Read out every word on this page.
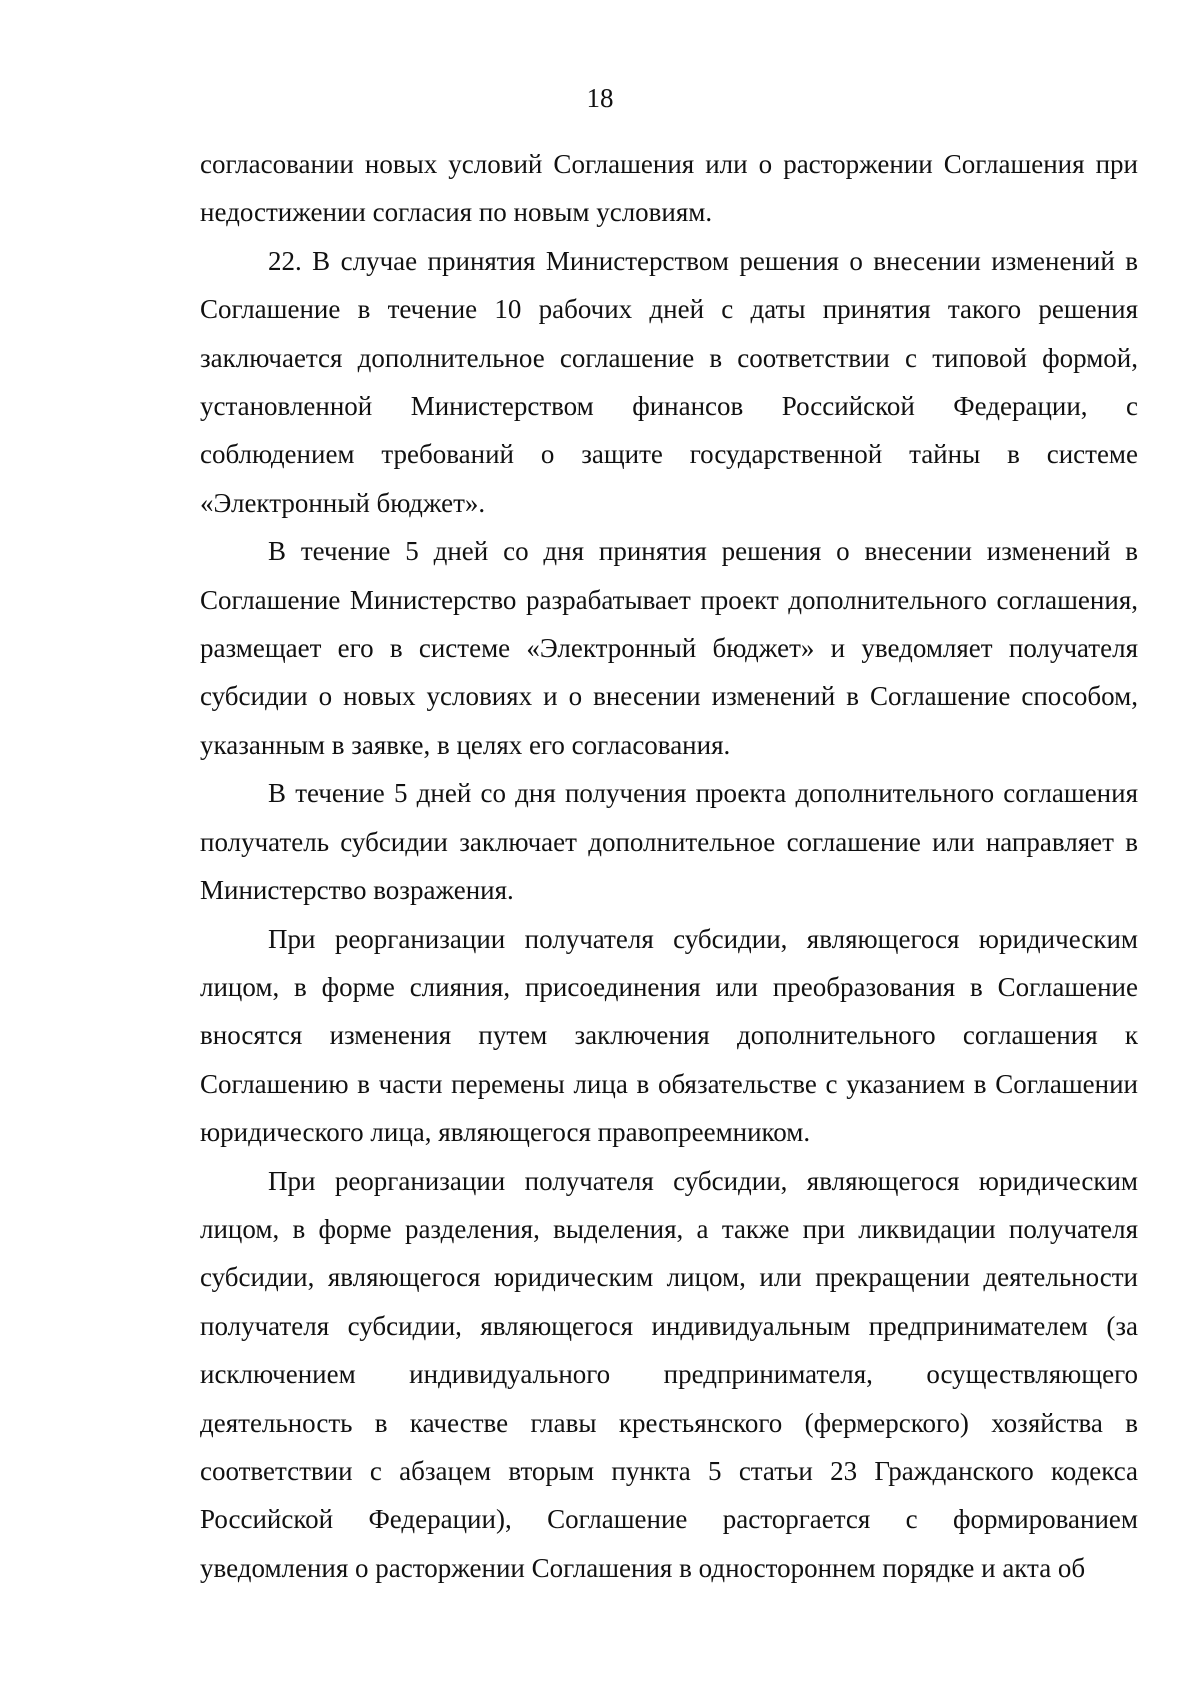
18

согласовании новых условий Соглашения или о расторжении Соглашения при недостижении согласия по новым условиям.

22. В случае принятия Министерством решения о внесении изменений в Соглашение в течение 10 рабочих дней с даты принятия такого решения заключается дополнительное соглашение в соответствии с типовой формой, установленной Министерством финансов Российской Федерации, с соблюдением требований о защите государственной тайны в системе «Электронный бюджет».

В течение 5 дней со дня принятия решения о внесении изменений в Соглашение Министерство разрабатывает проект дополнительного соглашения, размещает его в системе «Электронный бюджет» и уведомляет получателя субсидии о новых условиях и о внесении изменений в Соглашение способом, указанным в заявке, в целях его согласования.

В течение 5 дней со дня получения проекта дополнительного соглашения получатель субсидии заключает дополнительное соглашение или направляет в Министерство возражения.

При реорганизации получателя субсидии, являющегося юридическим лицом, в форме слияния, присоединения или преобразования в Соглашение вносятся изменения путем заключения дополнительного соглашения к Соглашению в части перемены лица в обязательстве с указанием в Соглашении юридического лица, являющегося правопреемником.

При реорганизации получателя субсидии, являющегося юридическим лицом, в форме разделения, выделения, а также при ликвидации получателя субсидии, являющегося юридическим лицом, или прекращении деятельности получателя субсидии, являющегося индивидуальным предпринимателем (за исключением индивидуального предпринимателя, осуществляющего деятельность в качестве главы крестьянского (фермерского) хозяйства в соответствии с абзацем вторым пункта 5 статьи 23 Гражданского кодекса Российской Федерации), Соглашение расторгается с формированием уведомления о расторжении Соглашения в одностороннем порядке и акта об
